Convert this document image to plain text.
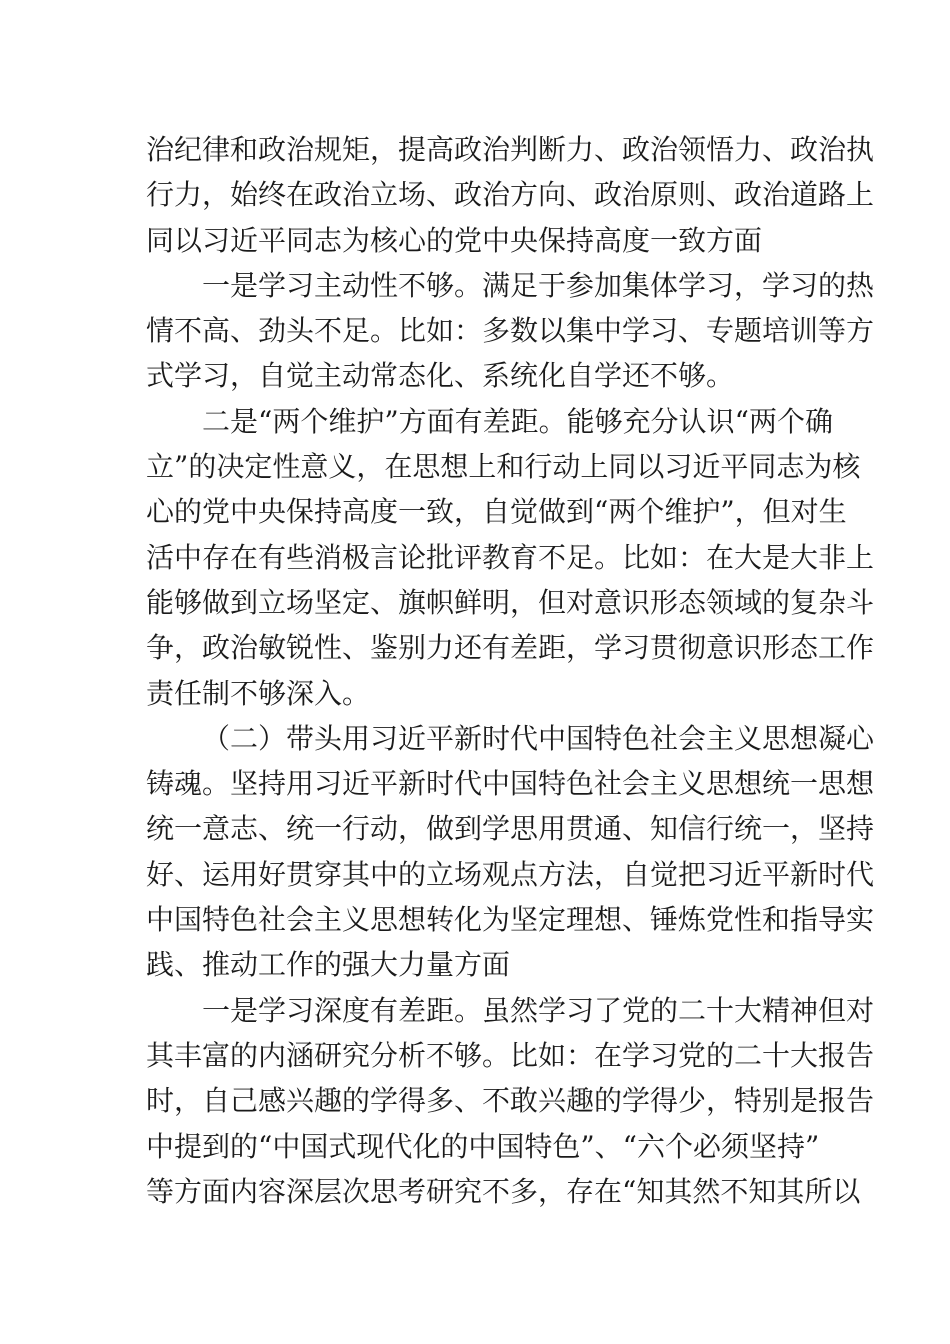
治纪律和政治规矩，提高政治判断力、政治领悟力、政治执
行力，始终在政治立场、政治方向、政治原则、政治道路上
同以习近平同志为核心的党中央保持高度一致方面
一是学习主动性不够。满足于参加集体学习，学习的热
情不高、劲头不足。比如：多数以集中学习、专题培训等方
式学习，自觉主动常态化、系统化自学还不够。
二是“两个维护”方面有差距。能够充分认识“两个确
立”的决定性意义，在思想上和行动上同以习近平同志为核
心的党中央保持高度一致，自觉做到“两个维护”，但对生
活中存在有些消极言论批评教育不足。比如：在大是大非上
能够做到立场坚定、旗帜鲜明，但对意识形态领域的复杂斗
争，政治敏锐性、鉴别力还有差距，学习贯彻意识形态工作
责任制不够深入。
（二）带头用习近平新时代中国特色社会主义思想凝心
铸魂。坚持用习近平新时代中国特色社会主义思想统一思想
统一意志、统一行动，做到学思用贯通、知信行统一，坚持
好、运用好贯穿其中的立场观点方法，自觉把习近平新时代
中国特色社会主义思想转化为坚定理想、锤炼党性和指导实
践、推动工作的强大力量方面
一是学习深度有差距。虽然学习了党的二十大精神但对
其丰富的内涵研究分析不够。比如：在学习党的二十大报告
时，自己感兴趣的学得多、不敢兴趣的学得少，特别是报告
中提到的“中国式现代化的中国特色”、“六个必须坚持”
等方面内容深层次思考研究不多，存在“知其然不知其所以
